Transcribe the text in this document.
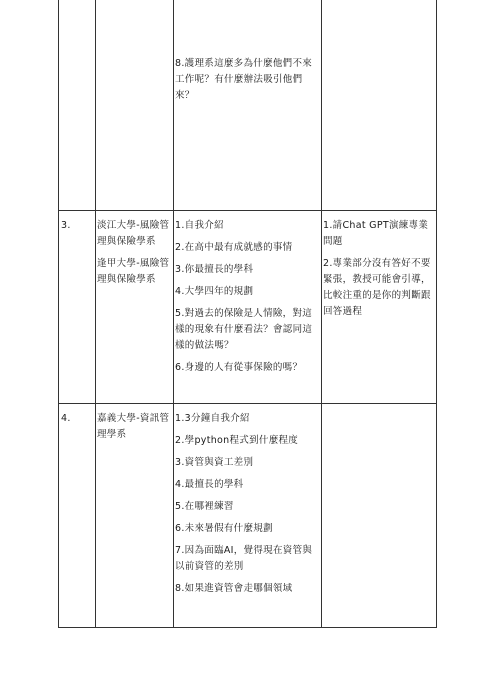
8.護理系這麼多為什麼他們不來工作呢？有什麼辦法吸引他們來？

3.	淡江大學-風險管理與保險學系

逢甲大學-風險管理與保險學系

1.自我介紹

2.在高中最有成就感的事情

3.你最擅長的學科

4.大學四年的規劃

5.對過去的保險是人情險，對這樣的現象有什麼看法？會認同這樣的做法嗎？

6.身邊的人有從事保險的嗎？

1.請Chat GPT演練專業問題

2.專業部分沒有答好不要緊張，教授可能會引導，比較注重的是你的判斷跟回答過程

4.	嘉義大學-資訊管理學系

1.3分鐘自我介紹

2.學python程式到什麼程度

3.資管與資工差別

4.最擅長的學科

5.在哪裡練習

6.未來暑假有什麼規劃

7.因為面臨AI，覺得現在資管與以前資管的差別

8.如果進資管會走哪個領域
